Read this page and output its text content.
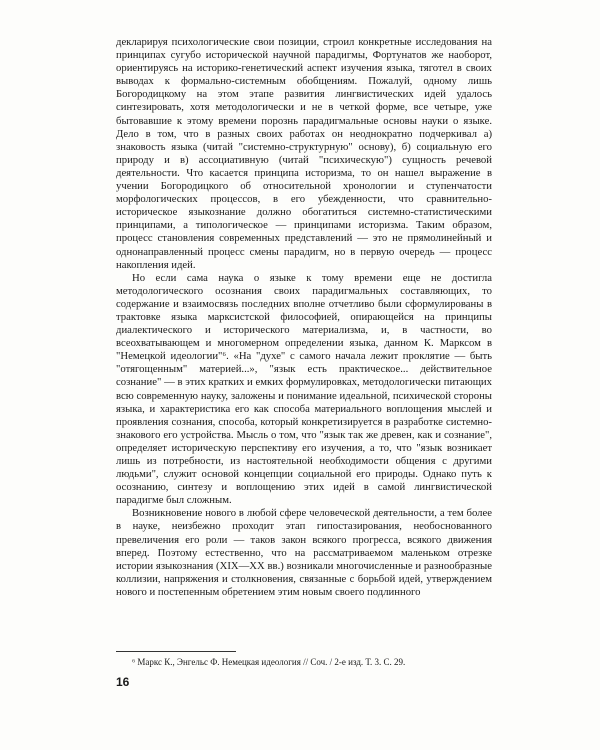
декларируя психологические свои позиции, строил конкретные исследования на принципах сугубо исторической научной парадигмы, Фортунатов же наоборот, ориентируясь на историко-генетический аспект изучения языка, тяготел в своих выводах к формально-системным обобщениям. Пожалуй, одному лишь Богородицкому на этом этапе развития лингвистических идей удалось синтезировать, хотя методологически и не в четкой форме, все четыре, уже бытовавшие к этому времени порознь парадигмальные основы науки о языке. Дело в том, что в разных своих работах он неоднократно подчеркивал а) знаковость языка (читай "системно-структурную" основу), б) социальную его природу и в) ассоциативную (читай "психическую") сущность речевой деятельности. Что касается принципа историзма, то он нашел выражение в учении Богородицкого об относительной хронологии и ступенчатости морфологических процессов, в его убежденности, что сравнительно-историческое языкознание должно обогатиться системно-статистическими принципами, а типологическое — принципами историзма. Таким образом, процесс становления современных представлений — это не прямолинейный и однонаправленный процесс смены парадигм, но в первую очередь — процесс накопления идей.

Но если сама наука о языке к тому времени еще не достигла методологического осознания своих парадигмальных составляющих, то содержание и взаимосвязь последних вполне отчетливо были сформулированы в трактовке языка марксистской философией, опирающейся на принципы диалектического и исторического материализма, и, в частности, во всеохватывающем и многомерном определении языка, данном К. Марксом в "Немецкой идеологии"⁶. «На "духе" с самого начала лежит проклятие — быть "отягощенным" материей...», "язык есть практическое... действительное сознание" — в этих кратких и емких формулировках, методологически питающих всю современную науку, заложены и понимание идеальной, психической стороны языка, и характеристика его как способа материального воплощения мыслей и проявления сознания, способа, который конкретизируется в разработке системно-знакового его устройства. Мысль о том, что "язык так же древен, как и сознание", определяет историческую перспективу его изучения, а то, что "язык возникает лишь из потребности, из настоятельной необходимости общения с другими людьми", служит основой концепции социальной его природы. Однако путь к осознанию, синтезу и воплощению этих идей в самой лингвистической парадигме был сложным.

Возникновение нового в любой сфере человеческой деятельности, а тем более в науке, неизбежно проходит этап гипостазирования, необоснованного превеличения его роли — таков закон всякого прогресса, всякого движения вперед. Поэтому естественно, что на рассматриваемом маленьком отрезке истории языкознания (XIX—XX вв.) возникали многочисленные и разнообразные коллизии, напряжения и столкновения, связанные с борьбой идей, утверждением нового и постепенным обретением этим новым своего подлинного

⁶ Маркс К., Энгельс Ф. Немецкая идеология // Соч. / 2-е изд. Т. 3. С. 29.

16
